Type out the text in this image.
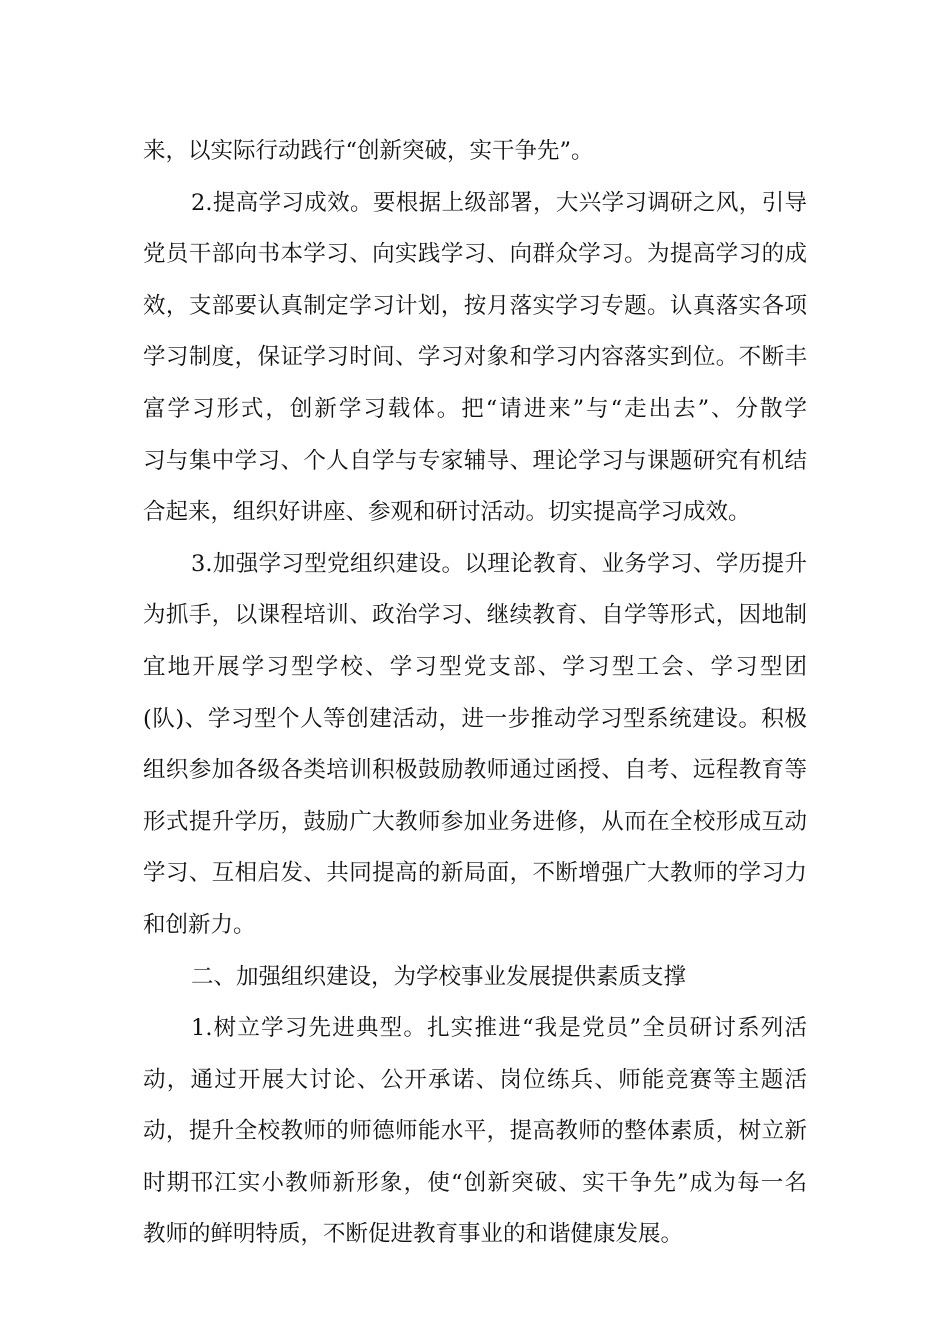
来，以实际行动践行“创新突破，实干争先”。
2.提高学习成效。要根据上级部署，大兴学习调研之风，引导
党员干部向书本学习、向实践学习、向群众学习。为提高学习的成
效，支部要认真制定学习计划，按月落实学习专题。认真落实各项
学习制度，保证学习时间、学习对象和学习内容落实到位。不断丰
富学习形式，创新学习载体。把“请进来”与“走出去”、分散学
习与集中学习、个人自学与专家辅导、理论学习与课题研究有机结
合起来，组织好讲座、参观和研讨活动。切实提高学习成效。
3.加强学习型党组织建设。以理论教育、业务学习、学历提升
为抓手，以课程培训、政治学习、继续教育、自学等形式，因地制
宜地开展学习型学校、学习型党支部、学习型工会、学习型团
(队)、学习型个人等创建活动，进一步推动学习型系统建设。积极
组织参加各级各类培训积极鼓励教师通过函授、自考、远程教育等
形式提升学历，鼓励广大教师参加业务进修，从而在全校形成互动
学习、互相启发、共同提高的新局面，不断增强广大教师的学习力
和创新力。
二、加强组织建设，为学校事业发展提供素质支撑
1.树立学习先进典型。扎实推进“我是党员”全员研讨系列活
动，通过开展大讨论、公开承诺、岗位练兵、师能竞赛等主题活
动，提升全校教师的师德师能水平，提高教师的整体素质，树立新
时期邗江实小教师新形象，使“创新突破、实干争先”成为每一名
教师的鲜明特质，不断促进教育事业的和谐健康发展。
